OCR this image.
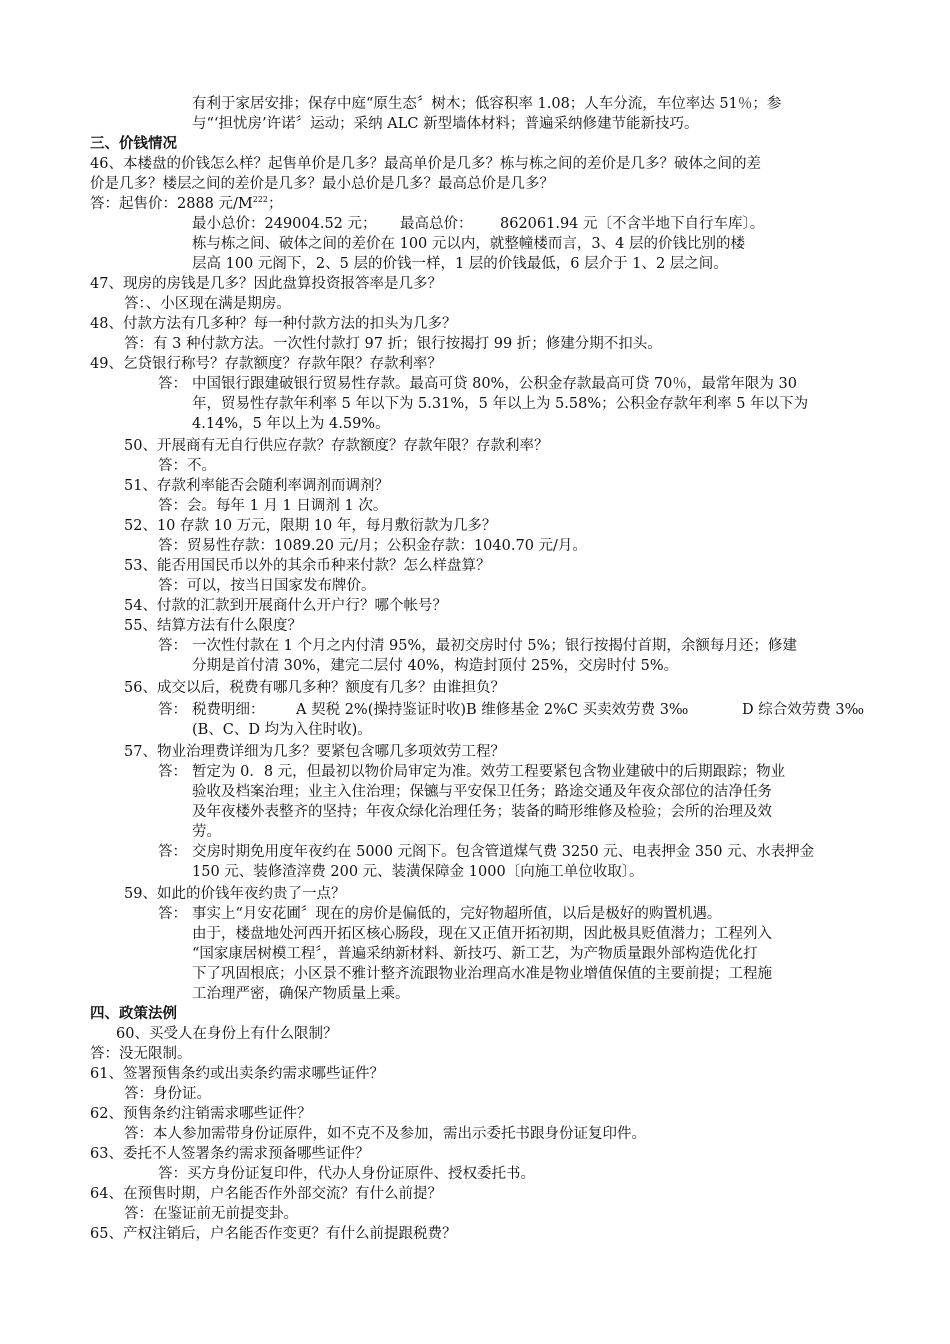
有利于家居安排；保存中庭“原生态〞树木；低容积率 1.08；人车分流，车位率达 51％；参
与“‘担忧房’许诺〞运动；采纳 ALC 新型墙体材料；普遍采纳修建节能新技巧。
三、价钱情况
46、本楼盘的价钱怎么样？起售单价是几多？最高单价是几多？栋与栋之间的差价是几多？破体之间的差
价是几多？楼层之间的差价是几多？最小总价是几多？最高总价是几多？
答：起售价：2888 元$/M^{222}$；
最小总价：249004.52 元； 最高总价： 862061.94 元〔不含半地下自行车库〕。
栋与栋之间、破体之间的差价在 100 元以内，就整幢楼而言，3、4 层的价钱比别的楼
层高 100 元阁下，2、5 层的价钱一样，1 层的价钱最低，6 层介于 1、2 层之间。
47、现房的房钱是几多？因此盘算投资报答率是几多？
答：、小区现在满是期房。
48、付款方法有几多种？每一种付款方法的扣头为几多？
答：有 3 种付款方法。一次性付款打 97 折；银行按揭打 99 折；修建分期不扣头。
49、乞贷银行称号？存款额度？存款年限？存款利率？
答： 中国银行跟建破银行贸易性存款。最高可贷 80%，公积金存款最高可贷 70％，最常年限为 30
年，贸易性存款年利率 5 年以下为 5.31%，5 年以上为 5.58%；公积金存款年利率 5 年以下为
4.14%，5 年以上为 4.59%。
50、开展商有无自行供应存款？存款额度？存款年限？存款利率？
答：不。
51、存款利率能否会随利率调剂而调剂？
答：会。每年 1 月 1 日调剂 1 次。
52、10 存款 10 万元，限期 10 年，每月敷衍款为几多？
答：贸易性存款：1089.20 元/月；公积金存款：1040.70 元/月。
53、能否用国民币以外的其余币种来付款？怎么样盘算？
答：可以，按当日国家发布牌价。
54、付款的汇款到开展商什么开户行？哪个帐号？
55、结算方法有什么限度？
答： 一次性付款在 1 个月之内付清 95%，最初交房时付 5%；银行按揭付首期，余额每月还；修建
分期是首付清 30%，建完二层付 40%，构造封顶付 25%，交房时付 5%。
56、成交以后，税费有哪几多种？额度有几多？由谁担负？
答： 税费明细： A 契税 2%(操持鉴证时收)B 维修基金 2%C 买卖效劳费 3‰	D 综合效劳费 3‰
(B、C、D 均为入住时收)。
57、物业治理费详细为几多？要紧包含哪几多项效劳工程？
答： 暂定为 0．8 元，但最初以物价局审定为准。效劳工程要紧包含物业建破中的后期跟踪；物业
验收及档案治理；业主入住治理；保镳与平安保卫任务；路途交通及年夜众部位的洁净任务
及年夜楼外表整齐的坚持；年夜众绿化治理任务；装备的畸形维修及检验；会所的治理及效
劳。
答： 交房时期免用度年夜约在 5000 元阁下。包含管道煤气费 3250 元、电表押金 350 元、水表押金
150 元、装修渣滓费 200 元、装潢保障金 1000〔向施工单位收取〕。
59、如此的价钱年夜约贵了一点？
答： 事实上“月安花圃〞现在的房价是偏低的，完好物超所值，以后是极好的购置机遇。
由于，楼盘地处河西开拓区核心肠段，现在又正值开拓初期，因此极具贬值潜力；工程列入
“国家康居树模工程〞，普遍采纳新材料、新技巧、新工艺，为产物质量跟外部构造优化打
下了巩固根底；小区景不雅计整齐流跟物业治理高水准是物业增值保值的主要前提；工程施
工治理严密，确保产物质量上乘。
四、政策法例
60、买受人在身份上有什么限制？
答：没无限制。
61、签署预售条约或出卖条约需求哪些证件？
答：身份证。
62、预售条约注销需求哪些证件？
答：本人参加需带身份证原件，如不克不及参加，需出示委托书跟身份证复印件。
63、委托不人签署条约需求预备哪些证件？
答：买方身份证复印件，代办人身份证原件、授权委托书。
64、在预售时期，户名能否作外部交流？有什么前提？
答：在鉴证前无前提变卦。
65、产权注销后，户名能否作变更？有什么前提跟税费？
